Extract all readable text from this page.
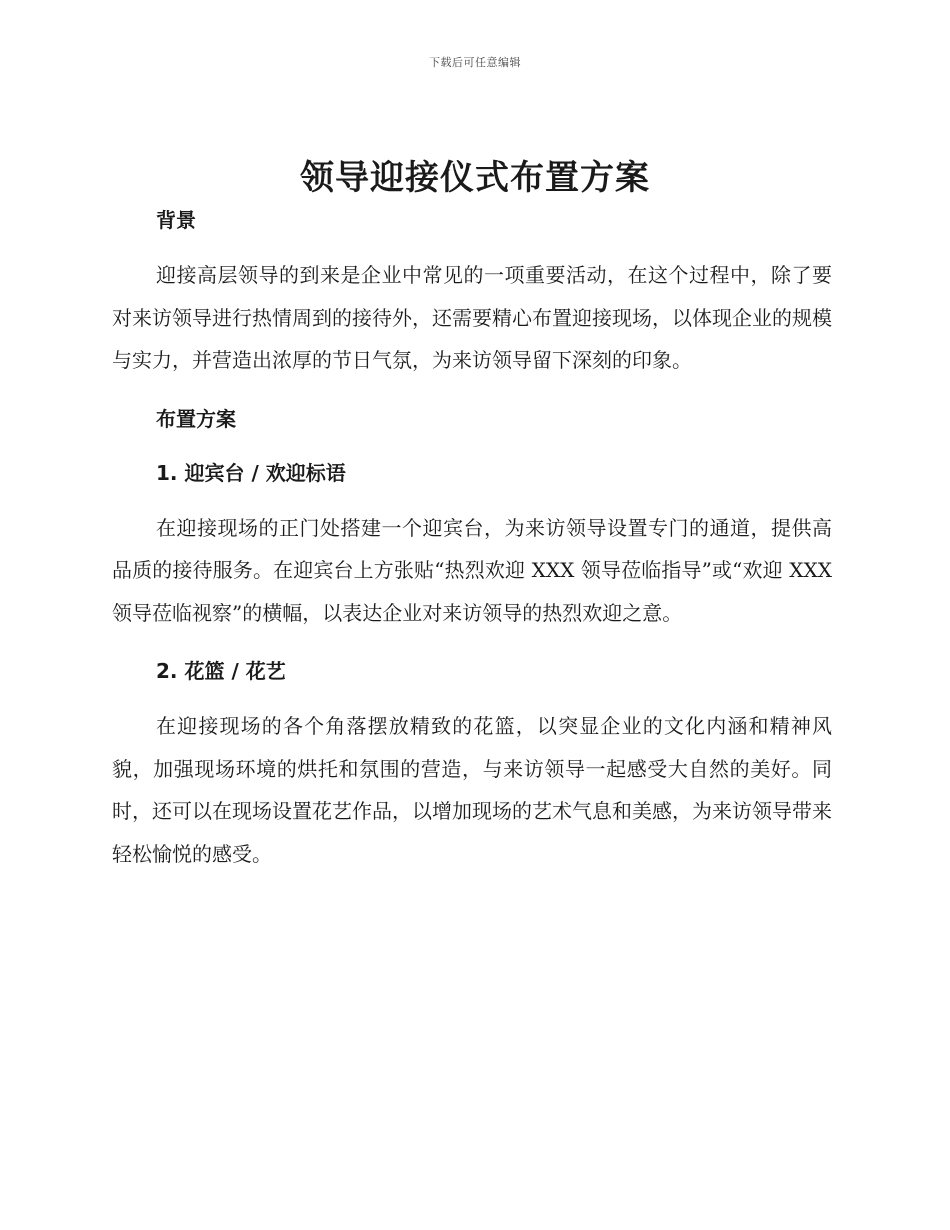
下载后可任意编辑
领导迎接仪式布置方案

背景

迎接高层领导的到来是企业中常见的一项重要活动，在这个过程中，除了要对来访领导进行热情周到的接待外，还需要精心布置迎接现场，以体现企业的规模与实力，并营造出浓厚的节日气氛，为来访领导留下深刻的印象。

布置方案

1. 迎宾台 / 欢迎标语

在迎接现场的正门处搭建一个迎宾台，为来访领导设置专门的通道，提供高品质的接待服务。在迎宾台上方张贴“热烈欢迎 XXX 领导莅临指导”或“欢迎 XXX 领导莅临视察”的横幅，以表达企业对来访领导的热烈欢迎之意。

2. 花篮 / 花艺

在迎接现场的各个角落摆放精致的花篮，以突显企业的文化内涵和精神风貌，加强现场环境的烘托和氛围的营造，与来访领导一起感受大自然的美好。同时，还可以在现场设置花艺作品，以增加现场的艺术气息和美感，为来访领导带来轻松愉悦的感受。
